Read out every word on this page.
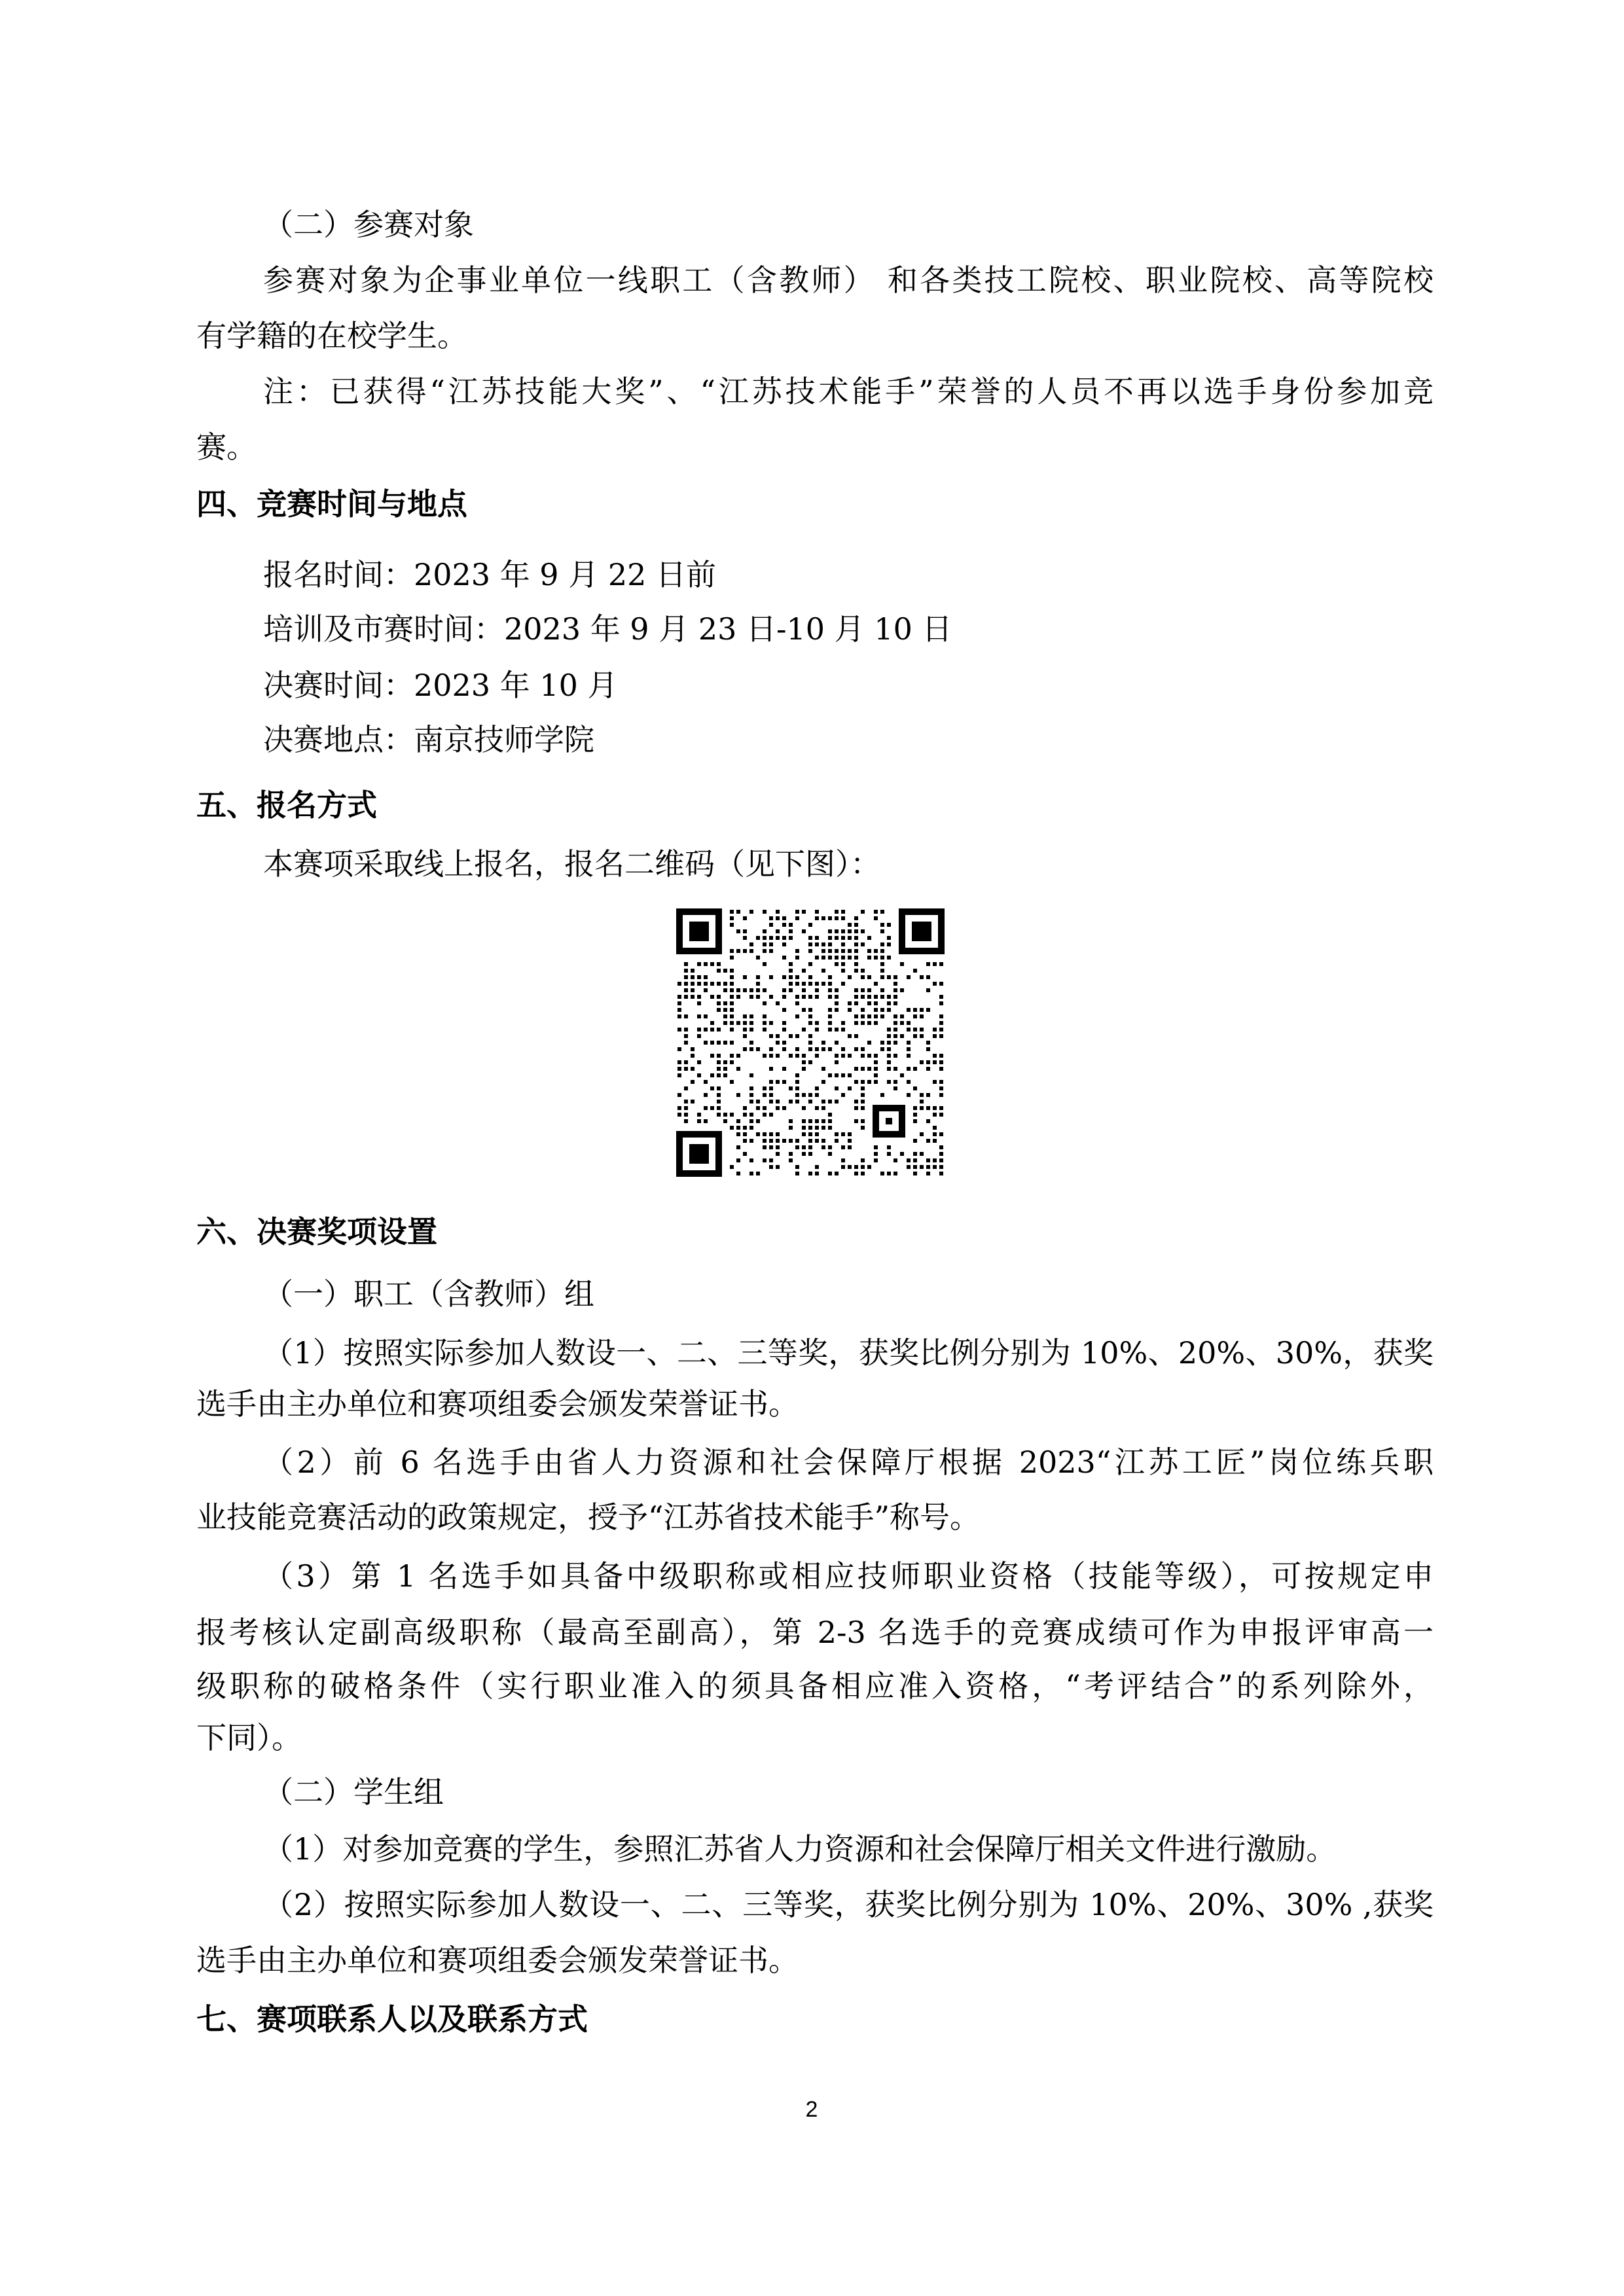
（二）参赛对象
参赛对象为企事业单位一线职工（含教师） 和各类技工院校、职业院校、高等院校
有学籍的在校学生。
注：已获得“江苏技能大奖”、“江苏技术能手”荣誉的人员不再以选手身份参加竞
赛。
四、竞赛时间与地点
报名时间：2023 年 9 月 22 日前
培训及市赛时间：2023 年 9 月 23 日-10 月 10 日
决赛时间：2023 年 10 月
决赛地点：南京技师学院
五、报名方式
本赛项采取线上报名，报名二维码（见下图）：
六、决赛奖项设置
（一）职工（含教师）组
（1）按照实际参加人数设一、二、三等奖，获奖比例分别为 10%、20%、30%，获奖
选手由主办单位和赛项组委会颁发荣誉证书。
（2）前 6 名选手由省人力资源和社会保障厅根据 2023“江苏工匠”岗位练兵职
业技能竞赛活动的政策规定，授予“江苏省技术能手”称号。
（3）第 1 名选手如具备中级职称或相应技师职业资格（技能等级），可按规定申
报考核认定副高级职称（最高至副高），第 2-3 名选手的竞赛成绩可作为申报评审高一
级职称的破格条件（实行职业准入的须具备相应准入资格，“考评结合”的系列除外，
下同）。
（二）学生组
（1）对参加竞赛的学生，参照汇苏省人力资源和社会保障厅相关文件进行激励。
（2）按照实际参加人数设一、二、三等奖，获奖比例分别为 10%、20%、30% ,获奖
选手由主办单位和赛项组委会颁发荣誉证书。
七、赛项联系人以及联系方式
2
